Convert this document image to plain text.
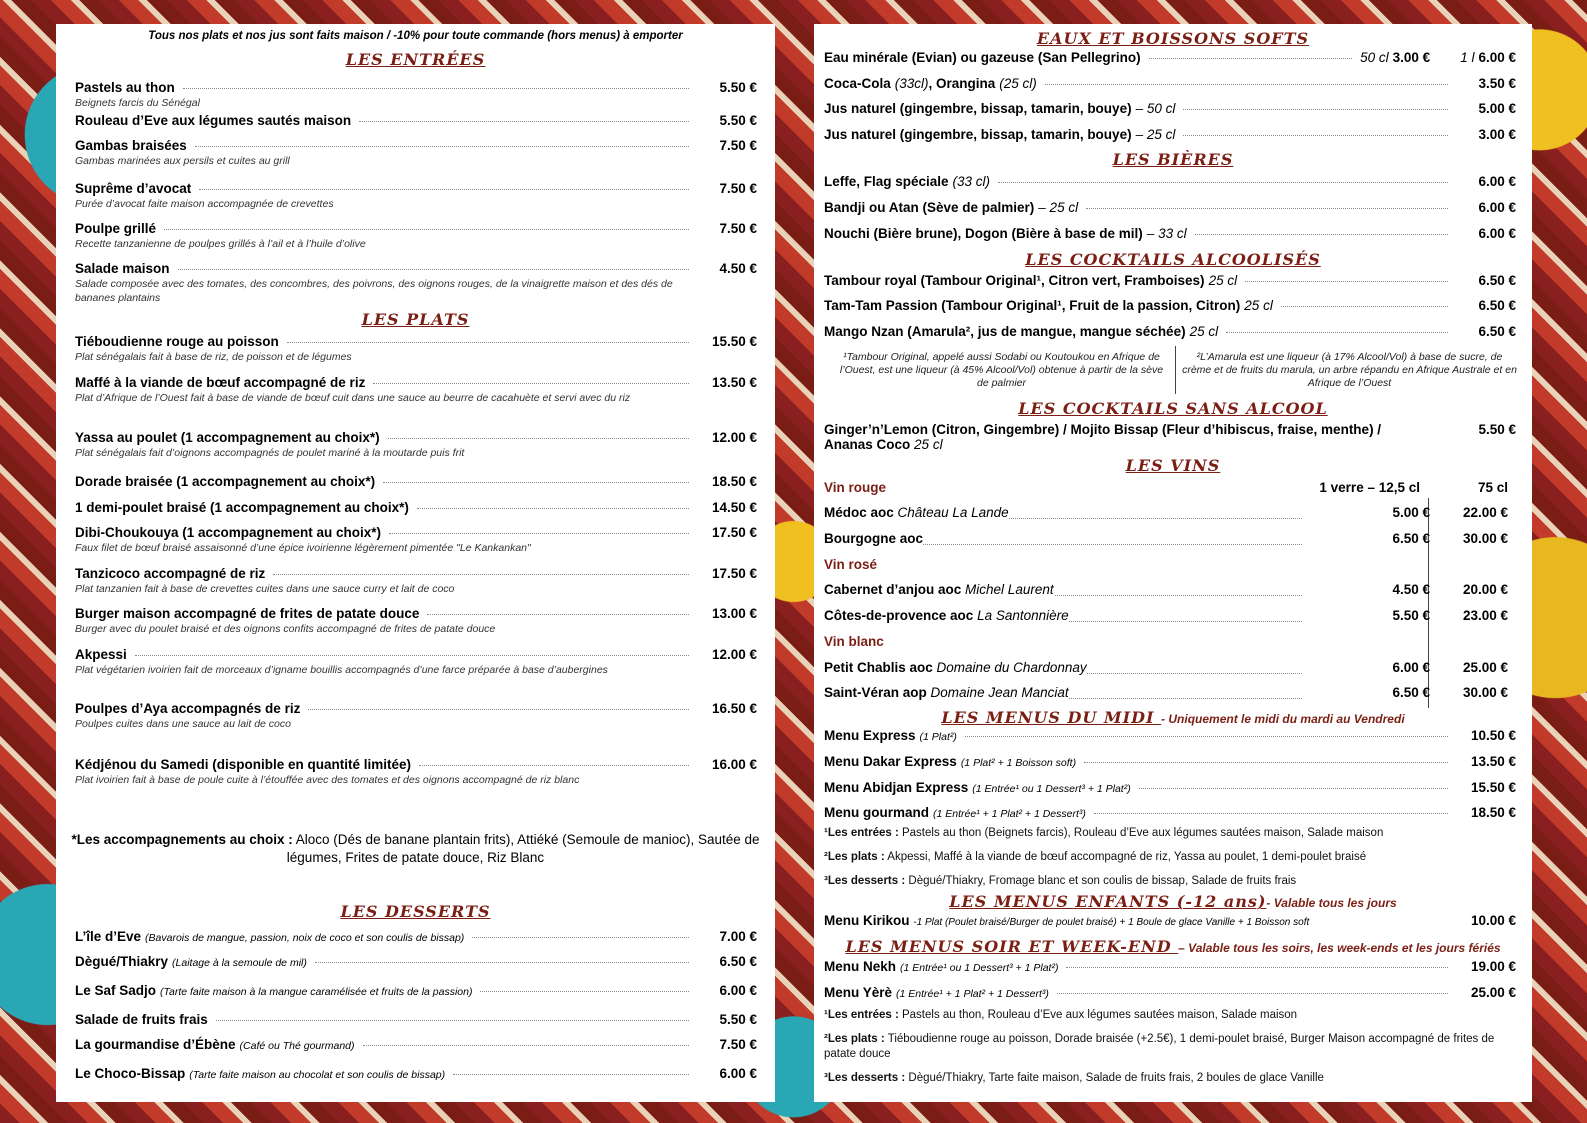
Tous nos plats et nos jus sont faits maison / -10% pour toute commande (hors menus) à emporter
LES ENTRÉES
LES PLATS
*Les accompagnements au choix : Aloco (Dés de banane plantain frits), Attiéké (Semoule de manioc), Sautée de légumes, Frites de patate douce, Riz Blanc
LES DESSERTS
Pastels au thon	5.50 €
Beignets farcis du Sénégal
Rouleau d’Eve aux légumes sautés maison	5.50 €
Gambas braisées	7.50 €
Gambas marinées aux persils et cuites au grill
Suprême d’avocat	7.50 €
Purée d’avocat faite maison accompagnée de crevettes
Poulpe grillé	7.50 €
Recette tanzanienne de poulpes grillés à l’ail et à l’huile d’olive
Salade maison	4.50 €
Salade composée avec des tomates, des concombres, des poivrons, des oignons rouges, de la vinaigrette maison et des dés de bananes plantains
Tiéboudienne rouge au poisson	15.50 €
Plat sénégalais fait à base de riz, de poisson et de légumes
Maffé à la viande de bœuf accompagné de riz	13.50 €
Plat d’Afrique de l’Ouest fait à base de viande de bœuf cuit dans une sauce au beurre de cacahuète et servi avec du riz
Yassa au poulet (1 accompagnement au choix*)	12.00 €
Plat sénégalais fait d’oignons accompagnés de poulet mariné à la moutarde puis frit
Dorade braisée (1 accompagnement au choix*)	18.50 €
1 demi-poulet braisé (1 accompagnement au choix*)	14.50 €
Dibi-Choukouya (1 accompagnement au choix*)	17.50 €
Faux filet de bœuf braisé assaisonné d’une épice ivoirienne légèrement pimentée "Le Kankankan"
Tanzicoco accompagné de riz	17.50 €
Plat tanzanien fait à base de crevettes cuites dans une sauce curry et lait de coco
Burger maison accompagné de frites de patate douce	13.00 €
Burger avec du poulet braisé et des oignons confits accompagné de frites de patate douce
Akpessi	12.00 €
Plat végétarien ivoirien fait de morceaux d’igname bouillis accompagnés d’une farce préparée à base d’aubergines
Poulpes d’Aya accompagnés de riz	16.50 €
Poulpes cuites dans une sauce au lait de coco
Kédjénou du Samedi (disponible en quantité limitée)	16.00 €
Plat ivoirien fait à base de poule cuite à l’étouffée avec des tomates et des oignons accompagné de riz blanc
L’île d’Eve (Bavarois de mangue, passion, noix de coco et son coulis de bissap)	7.00 €
Dègué/Thiakry (Laitage à la semoule de mil)	6.50 €
Le Saf Sadjo (Tarte faite maison à la mangue caramélisée et fruits de la passion)	6.00 €
Salade de fruits frais	5.50 €
La gourmandise d’Ébène (Café ou Thé gourmand)	7.50 €
Le Choco-Bissap (Tarte faite maison au chocolat et son coulis de bissap)	6.00 €
EAUX ET BOISSONS SOFTS
LES BIÈRES
LES COCKTAILS ALCOOLISÉS
¹Tambour Original, appelé aussi Sodabi ou Koutoukou en Afrique de l’Ouest, est une liqueur (à 45% Alcool/Vol) obtenue à partir de la sève de palmier
²L’Amarula est une liqueur (à 17% Alcool/Vol) à base de sucre, de crème et de fruits du marula, un arbre répandu en Afrique Australe et en Afrique de l’Ouest
LES COCKTAILS SANS ALCOOL
Ginger’n’Lemon (Citron, Gingembre) / Mojito Bissap (Fleur d’hibiscus, fraise, menthe) /	5.50 €
Ananas Coco
25 cl
LES VINS
Vin rouge	1 verre – 12,5 cl	75 cl
Vin rosé
Vin blanc
LES MENUS DU MIDI - Uniquement le midi du mardi au Vendredi
¹Les entrées : Pastels au thon (Beignets farcis), Rouleau d’Eve aux légumes sautées maison, Salade maison
²Les plats : Akpessi, Maffé à la viande de bœuf accompagné de riz, Yassa au poulet, 1 demi-poulet braisé
³Les desserts : Dègué/Thiakry, Fromage blanc et son coulis de bissap, Salade de fruits frais
LES MENUS ENFANTS (-12 ans)- Valable tous les jours
Menu Kirikou
-1 Plat (Poulet braisé/Burger de poulet braisé) + 1 Boule de glace Vanille + 1 Boisson soft	10.00 €
LES MENUS SOIR ET WEEK-END – Valable tous les soirs, les week-ends et les jours fériés
¹Les entrées : Pastels au thon, Rouleau d’Eve aux légumes sautées maison, Salade maison
²Les plats : Tiéboudienne rouge au poisson, Dorade braisée (+2.5€), 1 demi-poulet braisé, Burger Maison accompagné de frites de patate douce
³Les desserts : Dègué/Thiakry, Tarte faite maison, Salade de fruits frais, 2 boules de glace Vanille
Eau minérale (Evian) ou gazeuse (San Pellegrino)	50 cl 3.00 € 1 l 6.00 €
Coca-Cola (33cl) , Orangina (25 cl)	3.50 €
Jus naturel (gingembre, bissap, tamarin, bouye) – 50 cl	5.00 €
Jus naturel (gingembre, bissap, tamarin, bouye) – 25 cl	3.00 €
Leffe, Flag spéciale (33 cl)	6.00 €
Bandji ou Atan (Sève de palmier) – 25 cl	6.00 €
Nouchi (Bière brune), Dogon (Bière à base de mil) – 33 cl	6.00 €
Tambour royal (Tambour Original¹, Citron vert, Framboises) 25 cl	6.50 €
Tam-Tam Passion (Tambour Original¹, Fruit de la passion, Citron) 25 cl	6.50 €
Mango Nzan (Amarula², jus de mangue, mangue séchée) 25 cl	6.50 €
Médoc aoc Château La Lande	5.00 €	22.00 €
Bourgogne aoc	6.50 €	30.00 €
Cabernet d’anjou aoc Michel Laurent	4.50 €	20.00 €
Côtes-de-provence aoc La Santonnière	5.50 €	23.00 €
Petit Chablis aoc Domaine du Chardonnay	6.00 €	25.00 €
Saint-Véran aop Domaine Jean Manciat	6.50 €	30.00 €
Menu Express (1 Plat²)	10.50 €
Menu Dakar Express (1 Plat² + 1 Boisson soft)	13.50 €
Menu Abidjan Express (1 Entrée¹ ou 1 Dessert³ + 1 Plat²)	15.50 €
Menu gourmand (1 Entrée¹ + 1 Plat² + 1 Dessert³)	18.50 €
Menu Nekh (1 Entrée¹ ou 1 Dessert³ + 1 Plat²)	19.00 €
Menu Yèrè (1 Entrée¹ + 1 Plat² + 1 Dessert³)	25.00 €
